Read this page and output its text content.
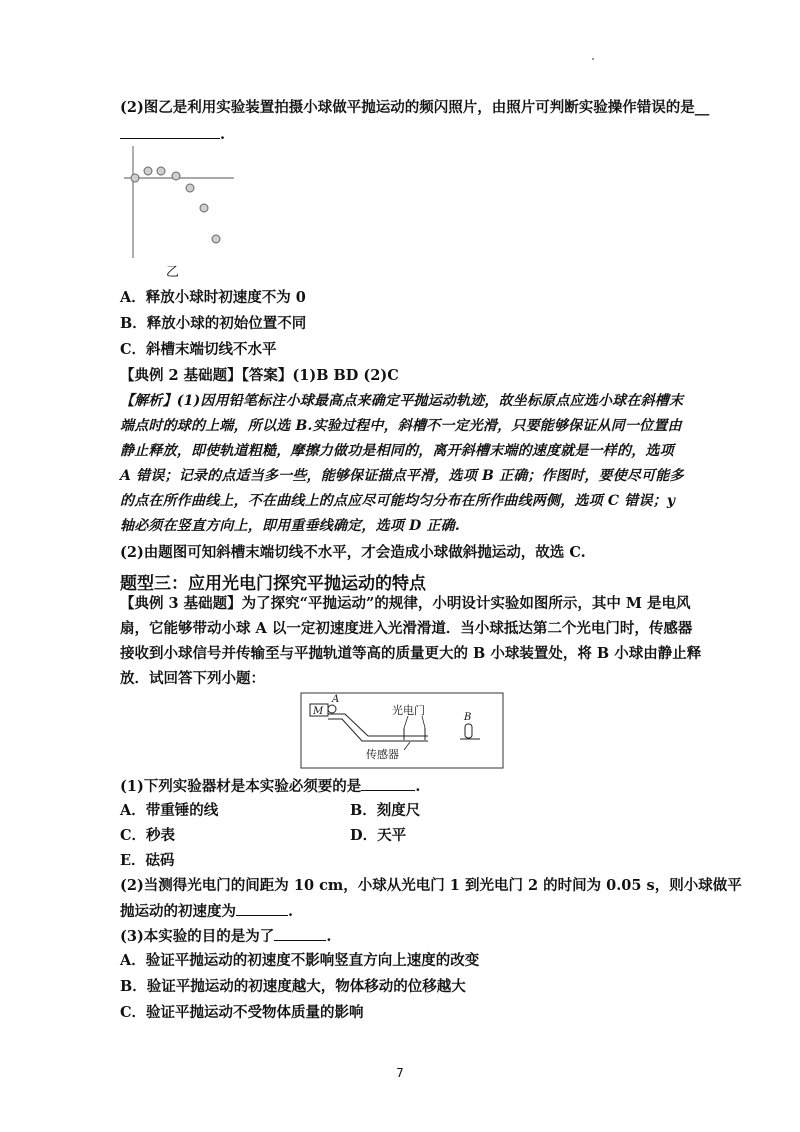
(2)图乙是利用实验装置拍摄小球做平抛运动的频闪照片，由照片可判断实验操作错误的是__
.
乙
A．释放小球时初速度不为 0
B．释放小球的初始位置不同
C．斜槽末端切线不水平
【典例 2 基础题】【答案】(1)B BD (2)C
【解析】(1)因用铅笔标注小球最高点来确定平抛运动轨迹，故坐标原点应选小球在斜槽末
端点时的球的上端，所以选 B.实验过程中，斜槽不一定光滑，只要能够保证从同一位置由
静止释放，即使轨道粗糙，摩擦力做功是相同的，离开斜槽末端的速度就是一样的，选项
A 错误；记录的点适当多一些，能够保证描点平滑，选项 B 正确；作图时，要使尽可能多
的点在所作曲线上，不在曲线上的点应尽可能均匀分布在所作曲线两侧，选项 C 错误；y
轴必须在竖直方向上，即用重垂线确定，选项 D 正确.
(2)由题图可知斜槽末端切线不水平，才会造成小球做斜抛运动，故选 C.
题型三：应用光电门探究平抛运动的特点
【典例 3 基础题】为了探究“平抛运动”的规律，小明设计实验如图所示，其中 M 是电风
扇，它能够带动小球 A 以一定初速度进入光滑滑道．当小球抵达第二个光电门时，传感器
接收到小球信号并传输至与平抛轨道等高的质量更大的 B 小球装置处，将 B 小球由静止释
放．试回答下列小题：
M
A
光电门
传感器
B
(1)下列实验器材是本实验必须要的是	.
A．带重锤的线	B．刻度尺
C．秒表	D．天平
E．砝码
(2)当测得光电门的间距为 10 cm，小球从光电门 1 到光电门 2 的时间为 0.05 s，则小球做平
抛运动的初速度为	.
(3)本实验的目的是为了	.
A．验证平抛运动的初速度不影响竖直方向上速度的改变
B．验证平抛运动的初速度越大，物体移动的位移越大
C．验证平抛运动不受物体质量的影响
7
